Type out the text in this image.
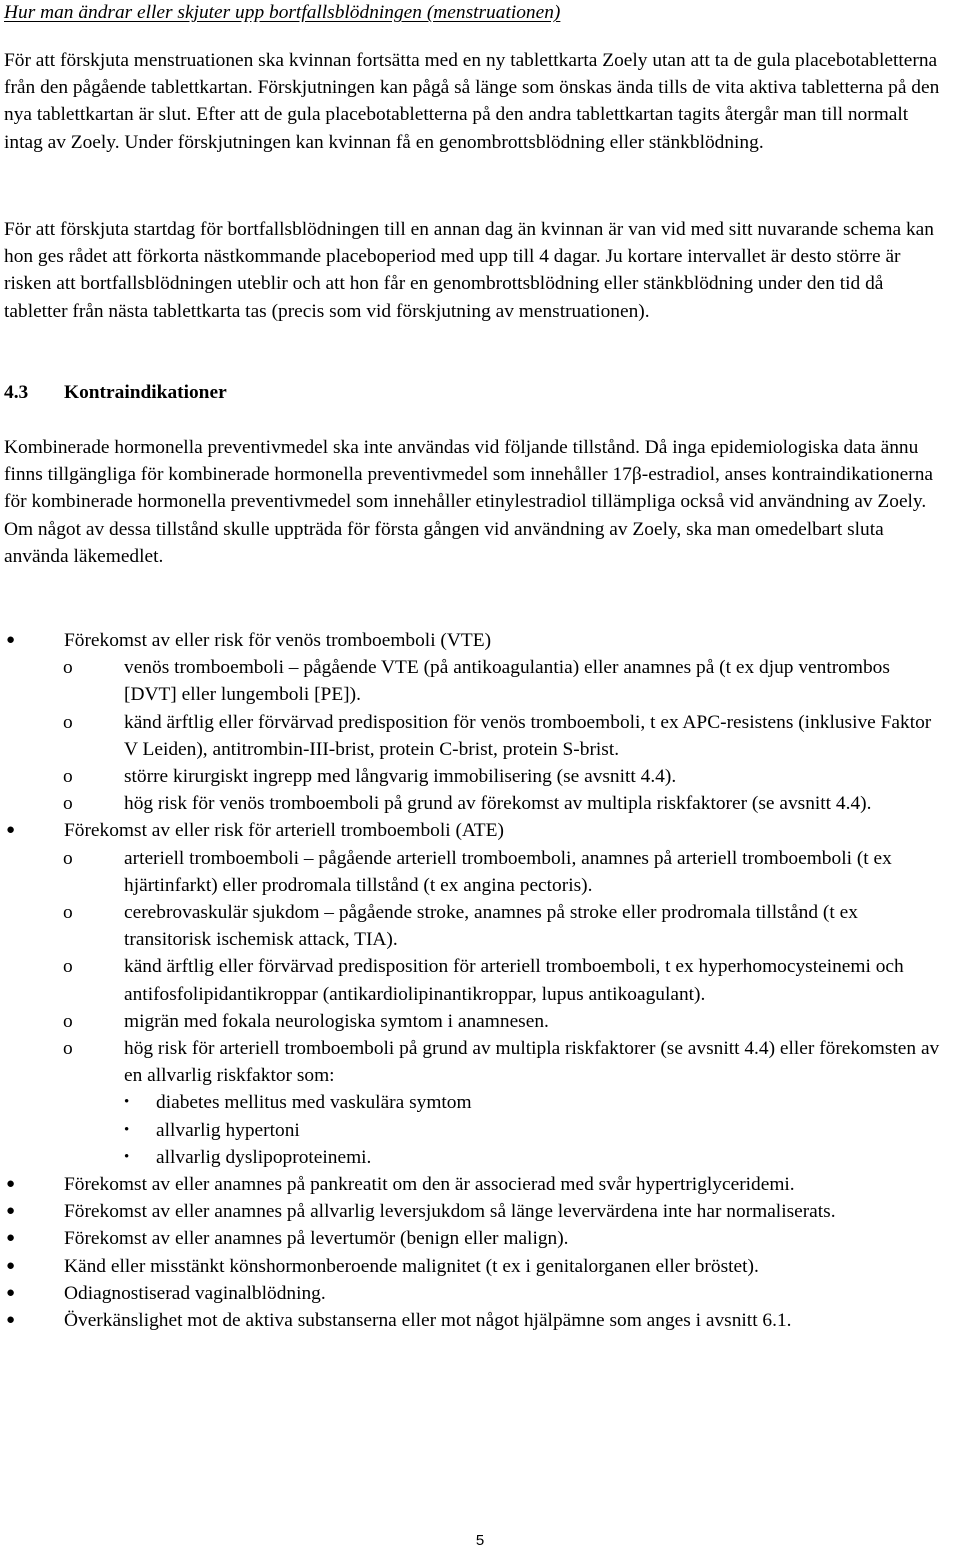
Hur man ändrar eller skjuter upp bortfallsblödningen (menstruationen)

För att förskjuta menstruationen ska kvinnan fortsätta med en ny tablettkarta Zoely utan att ta de gula placebotabletterna från den pågående tablettkartan. Förskjutningen kan pågå så länge som önskas ända tills de vita aktiva tabletterna på den nya tablettkartan är slut. Efter att de gula placebotabletterna på den andra tablettkartan tagits återgår man till normalt intag av Zoely. Under förskjutningen kan kvinnan få en genombrottsblödning eller stänkblödning.

För att förskjuta startdag för bortfallsblödningen till en annan dag än kvinnan är van vid med sitt nuvarande schema kan hon ges rådet att förkorta nästkommande placeboperiod med upp till 4 dagar. Ju kortare intervallet är desto större är risken att bortfallsblödningen uteblir och att hon får en genombrottsblödning eller stänkblödning under den tid då tabletter från nästa tablettkarta tas (precis som vid förskjutning av menstruationen).

4.3 Kontraindikationer

Kombinerade hormonella preventivmedel ska inte användas vid följande tillstånd. Då inga epidemiologiska data ännu finns tillgängliga för kombinerade hormonella preventivmedel som innehåller 17β-estradiol, anses kontraindikationerna för kombinerade hormonella preventivmedel som innehåller etinylestradiol tillämpliga också vid användning av Zoely. Om något av dessa tillstånd skulle uppträda för första gången vid användning av Zoely, ska man omedelbart sluta använda läkemedlet.

●	Förekomst av eller risk för venös tromboemboli (VTE)
o	venös tromboemboli – pågående VTE (på antikoagulantia) eller anamnes på (t ex djup ventrombos [DVT] eller lungemboli [PE]).
o	känd ärftlig eller förvärvad predisposition för venös tromboemboli, t ex APC-resistens (inklusive Faktor V Leiden), antitrombin-III-brist, protein C-brist, protein S-brist.
o	större kirurgiskt ingrepp med långvarig immobilisering (se avsnitt 4.4).
o	hög risk för venös tromboemboli på grund av förekomst av multipla riskfaktorer (se avsnitt 4.4).
●	Förekomst av eller risk för arteriell tromboemboli (ATE)
o	arteriell tromboemboli – pågående arteriell tromboemboli, anamnes på arteriell tromboemboli (t ex hjärtinfarkt) eller prodromala tillstånd (t ex angina pectoris).
o	cerebrovaskulär sjukdom – pågående stroke, anamnes på stroke eller prodromala tillstånd (t ex transitorisk ischemisk attack, TIA).
o	känd ärftlig eller förvärvad predisposition för arteriell tromboemboli, t ex hyperhomocysteinemi och antifosfolipidantikroppar (antikardiolipinantikroppar, lupus antikoagulant).
o	migrän med fokala neurologiska symtom i anamnesen.
o	hög risk för arteriell tromboemboli på grund av multipla riskfaktorer (se avsnitt 4.4) eller förekomsten av en allvarlig riskfaktor som:
• diabetes mellitus med vaskulära symtom
• allvarlig hypertoni
• allvarlig dyslipoproteinemi.
●	Förekomst av eller anamnes på pankreatit om den är associerad med svår hypertriglyceridemi.
●	Förekomst av eller anamnes på allvarlig leversjukdom så länge levervärdena inte har normaliserats.
●	Förekomst av eller anamnes på levertumör (benign eller malign).
●	Känd eller misstänkt könshormonberoende malignitet (t ex i genitalorganen eller bröstet).
●	Odiagnostiserad vaginalblödning.
●	Överkänslighet mot de aktiva substanserna eller mot något hjälpämne som anges i avsnitt 6.1.
5
